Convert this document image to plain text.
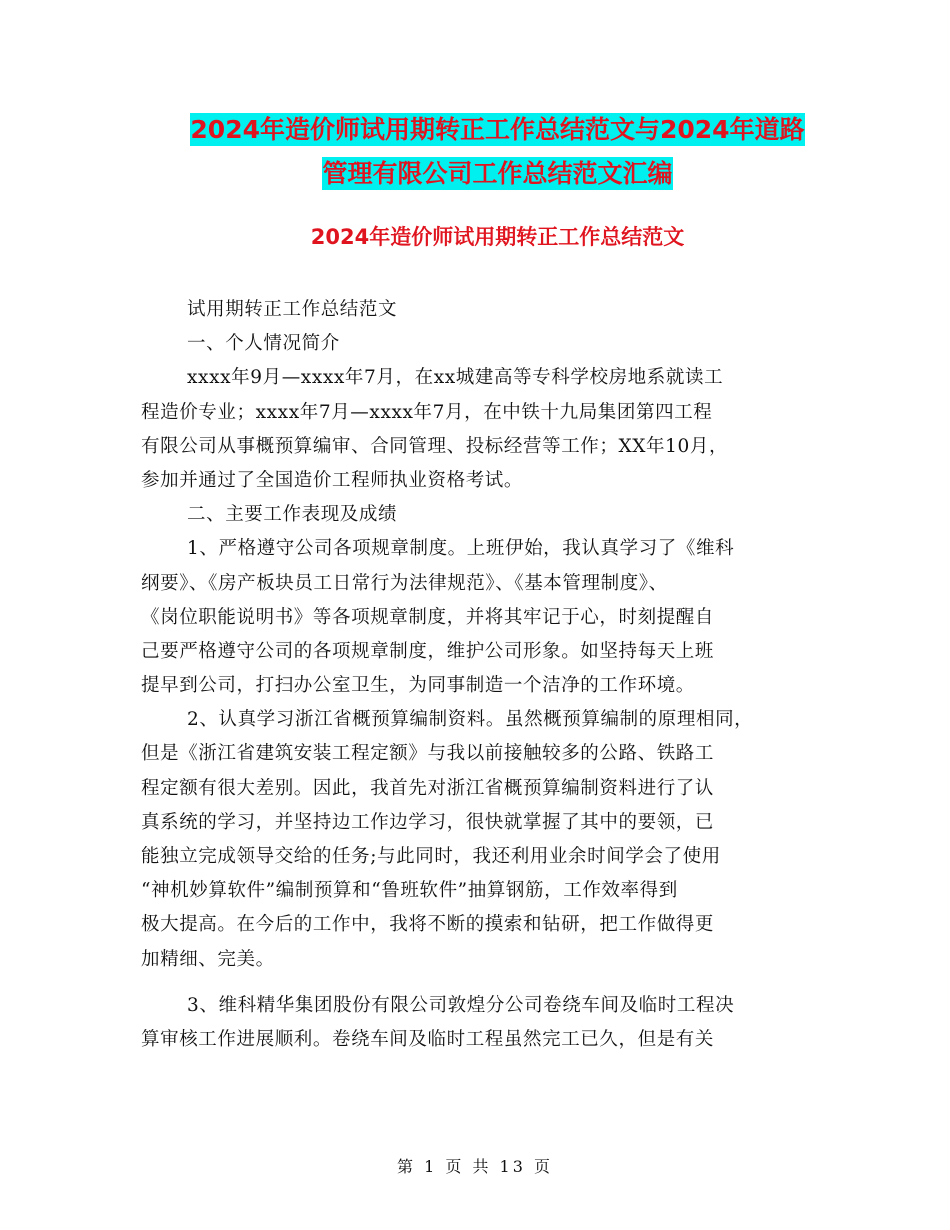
2024年造价师试用期转正工作总结范文与2024年道路
管理有限公司工作总结范文汇编
2024年造价师试用期转正工作总结范文
试用期转正工作总结范文
一、个人情况简介
xxxx年9月—xxxx年7月，在xx城建高等专科学校房地系就读工
程造价专业；xxxx年7月—xxxx年7月，在中铁十九局集团第四工程
有限公司从事概预算编审、合同管理、投标经营等工作；XX年10月，
参加并通过了全国造价工程师执业资格考试。
二、主要工作表现及成绩
1、严格遵守公司各项规章制度。上班伊始，我认真学习了《维科
纲要》、《房产板块员工日常行为法律规范》、《基本管理制度》、
《岗位职能说明书》等各项规章制度，并将其牢记于心，时刻提醒自
己要严格遵守公司的各项规章制度，维护公司形象。如坚持每天上班
提早到公司，打扫办公室卫生，为同事制造一个洁净的工作环境。
2、认真学习浙江省概预算编制资料。虽然概预算编制的原理相同，
但是《浙江省建筑安装工程定额》与我以前接触较多的公路、铁路工
程定额有很大差别。因此，我首先对浙江省概预算编制资料进行了认
真系统的学习，并坚持边工作边学习，很快就掌握了其中的要领，已
能独立完成领导交给的任务;与此同时，我还利用业余时间学会了使用
“神机妙算软件”编制预算和“鲁班软件”抽算钢筋，工作效率得到
极大提高。在今后的工作中，我将不断的摸索和钻研，把工作做得更
加精细、完美。
3、维科精华集团股份有限公司敦煌分公司卷绕车间及临时工程决
算审核工作进展顺利。卷绕车间及临时工程虽然完工已久，但是有关
第 1 页 共 13 页
